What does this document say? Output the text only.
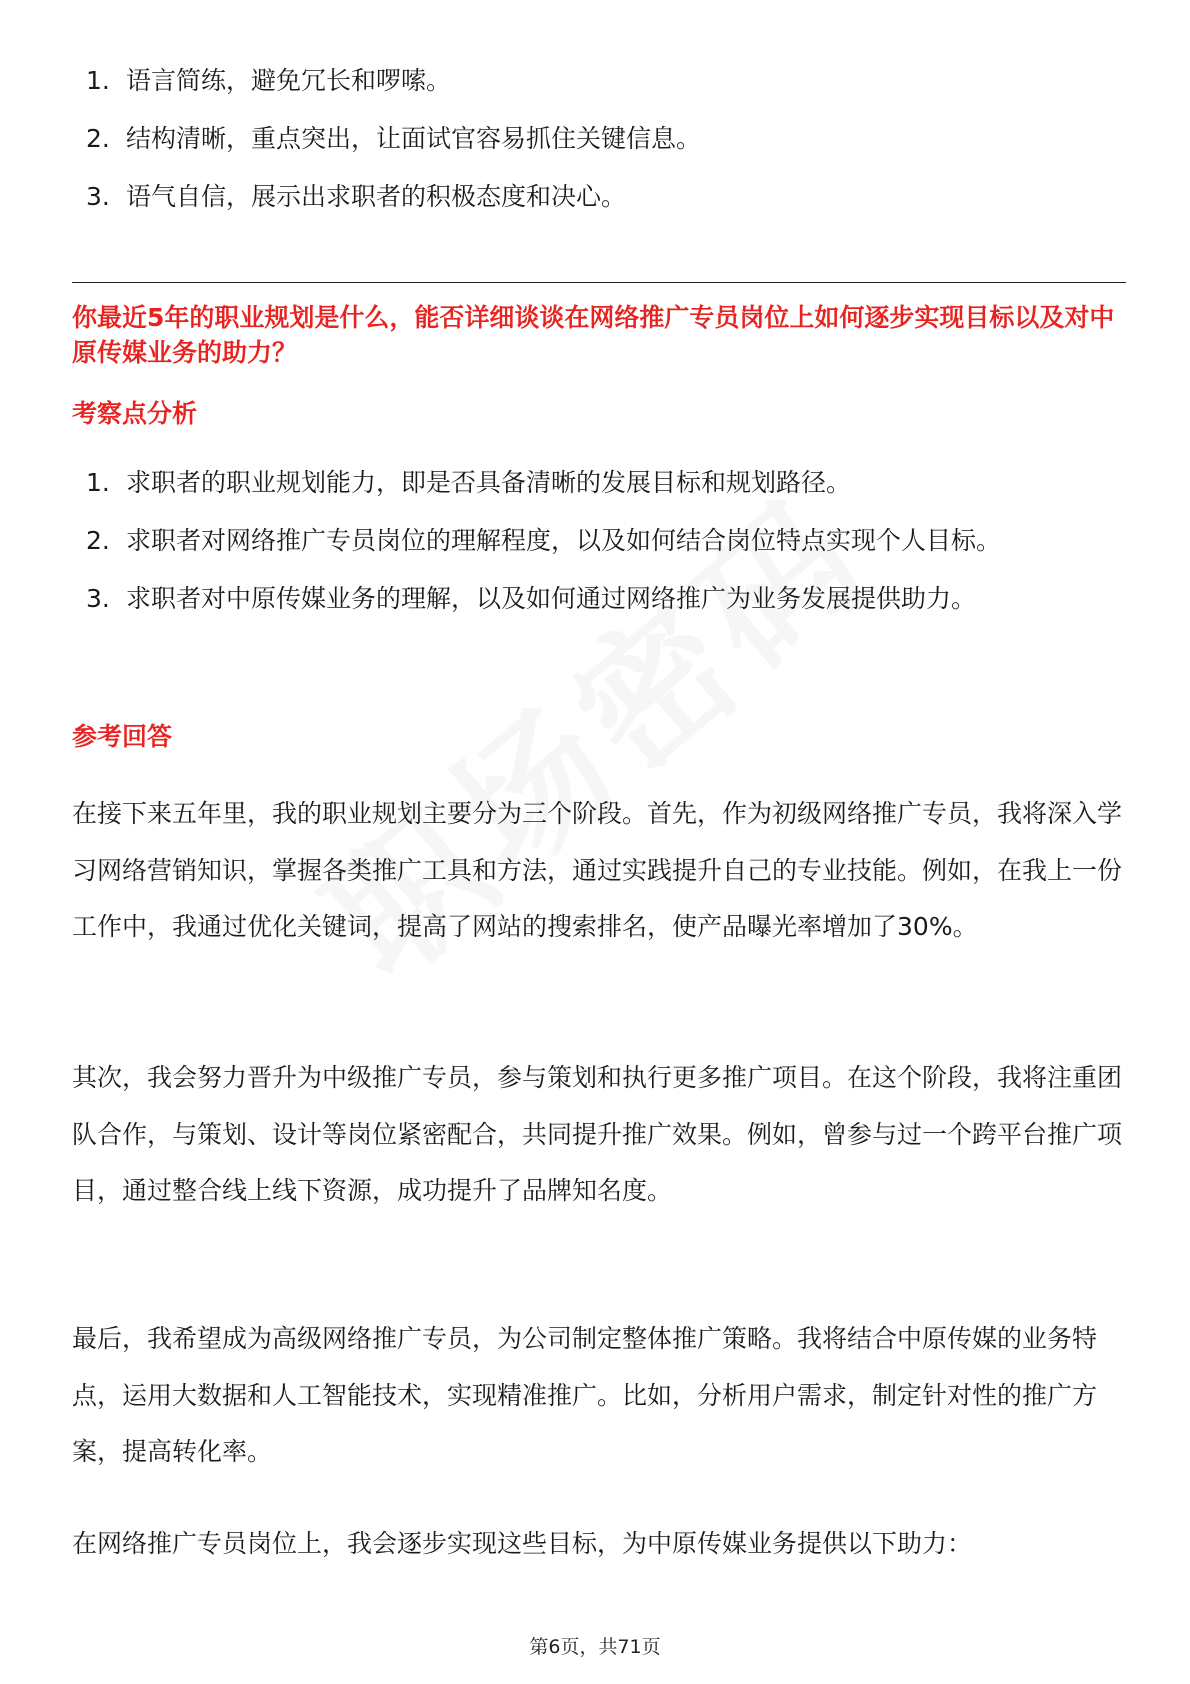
1. 语言简练，避免冗长和啰嗦。
2. 结构清晰，重点突出，让面试官容易抓住关键信息。
3. 语气自信，展示出求职者的积极态度和决心。

你最近5年的职业规划是什么，能否详细谈谈在网络推广专员岗位上如何逐步实现目标以及对中原传媒业务的助力？

考察点分析
1. 求职者的职业规划能力，即是否具备清晰的发展目标和规划路径。
2. 求职者对网络推广专员岗位的理解程度，以及如何结合岗位特点实现个人目标。
3. 求职者对中原传媒业务的理解，以及如何通过网络推广为业务发展提供助力。
参考回答

在接下来五年里，我的职业规划主要分为三个阶段。首先，作为初级网络推广专员，我将深入学习网络营销知识，掌握各类推广工具和方法，通过实践提升自己的专业技能。例如，在我上一份工作中，我通过优化关键词，提高了网站的搜索排名，使产品曝光率增加了30%。

其次，我会努力晋升为中级推广专员，参与策划和执行更多推广项目。在这个阶段，我将注重团队合作，与策划、设计等岗位紧密配合，共同提升推广效果。例如，曾参与过一个跨平台推广项目，通过整合线上线下资源，成功提升了品牌知名度。

最后，我希望成为高级网络推广专员，为公司制定整体推广策略。我将结合中原传媒的业务特点，运用大数据和人工智能技术，实现精准推广。比如，分析用户需求，制定针对性的推广方案，提高转化率。

在网络推广专员岗位上，我会逐步实现这些目标，为中原传媒业务提供以下助力：

第6页，共71页
